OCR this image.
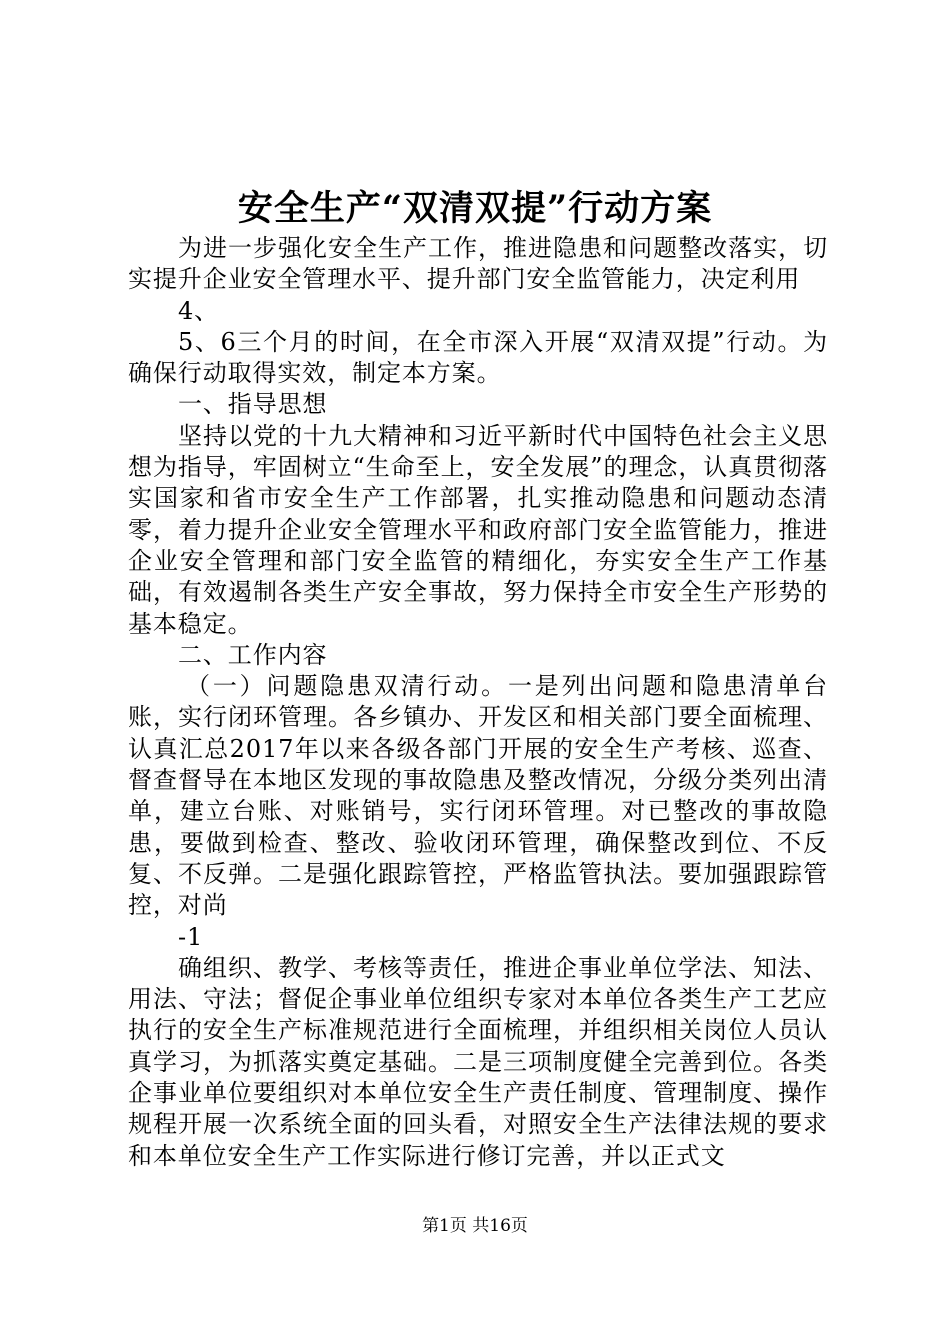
安全生产“双清双提”行动方案

为进一步强化安全生产工作，推进隐患和问题整改落实，切实提升企业安全管理水平、提升部门安全监管能力，决定利用

4、

5、6三个月的时间，在全市深入开展“双清双提”行动。为确保行动取得实效，制定本方案。

一、指导思想

坚持以党的十九大精神和习近平新时代中国特色社会主义思想为指导，牢固树立“生命至上，安全发展”的理念，认真贯彻落实国家和省市安全生产工作部署，扎实推动隐患和问题动态清零，着力提升企业安全管理水平和政府部门安全监管能力，推进企业安全管理和部门安全监管的精细化，夯实安全生产工作基础，有效遏制各类生产安全事故，努力保持全市安全生产形势的基本稳定。

二、工作内容

（一）问题隐患双清行动。一是列出问题和隐患清单台账，实行闭环管理。各乡镇办、开发区和相关部门要全面梳理、认真汇总2017年以来各级各部门开展的安全生产考核、巡查、督查督导在本地区发现的事故隐患及整改情况，分级分类列出清单，建立台账、对账销号，实行闭环管理。对已整改的事故隐患，要做到检查、整改、验收闭环管理，确保整改到位、不反复、不反弹。二是强化跟踪管控，严格监管执法。要加强跟踪管控，对尚

-1

确组织、教学、考核等责任，推进企事业单位学法、知法、用法、守法；督促企事业单位组织专家对本单位各类生产工艺应执行的安全生产标准规范进行全面梳理，并组织相关岗位人员认真学习，为抓落实奠定基础。二是三项制度健全完善到位。各类企事业单位要组织对本单位安全生产责任制度、管理制度、操作规程开展一次系统全面的回头看，对照安全生产法律法规的要求和本单位安全生产工作实际进行修订完善，并以正式文

第1页 共16页
